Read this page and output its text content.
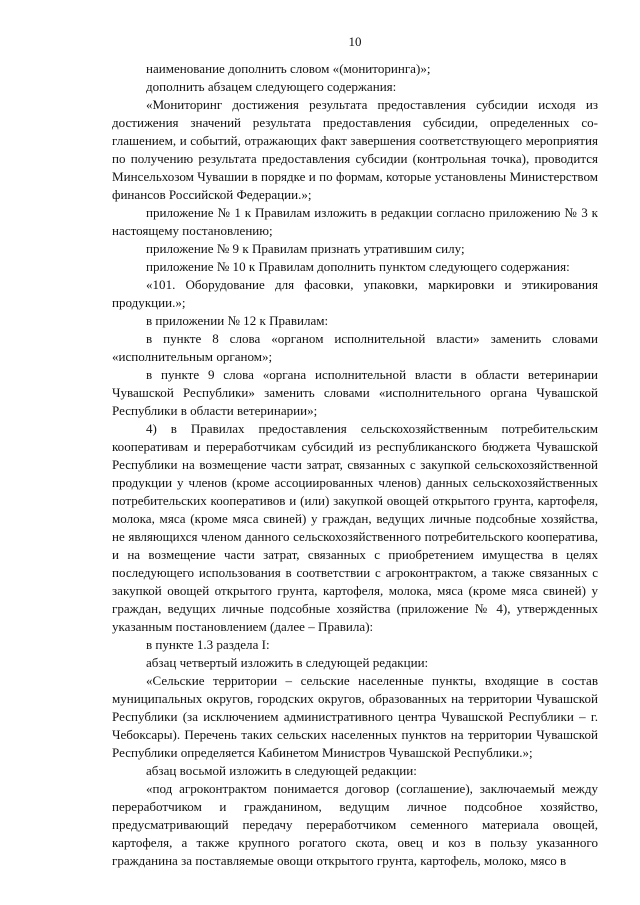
10

наименование дополнить словом «(мониторинга)»;

дополнить абзацем следующего содержания:

«Мониторинг достижения результата предоставления субсидии исходя из достижения значений результата предоставления субсидии, определенных со-глашением, и событий, отражающих факт завершения соответствующего мероприятия по получению результата предоставления субсидии (контрольная точка), проводится Минсельхозом Чувашии в порядке и по формам, которые установлены Министерством финансов Российской Федерации.»;

приложение № 1 к Правилам изложить в редакции согласно приложению № 3 к настоящему постановлению;

приложение № 9 к Правилам признать утратившим силу;

приложение № 10 к Правилам дополнить пунктом следующего содержания:

«101. Оборудование для фасовки, упаковки, маркировки и этикирования продукции.»;

в приложении № 12 к Правилам:

в пункте 8 слова «органом исполнительной власти» заменить словами «исполнительным органом»;

в пункте 9 слова «органа исполнительной власти в области ветеринарии Чувашской Республики» заменить словами «исполнительного органа Чувашской Республики в области ветеринарии»;

4) в Правилах предоставления сельскохозяйственным потребительским кооперативам и переработчикам субсидий из республиканского бюджета Чувашской Республики на возмещение части затрат, связанных с закупкой сельскохозяйственной продукции у членов (кроме ассоциированных членов) данных сельскохозяйственных потребительских кооперативов и (или) закупкой овощей открытого грунта, картофеля, молока, мяса (кроме мяса свиней) у граждан, ведущих личные подсобные хозяйства, не являющихся членом данного сельскохозяйственного потребительского кооператива, и на возмещение части затрат, связанных с приобретением имущества в целях последующего использования в соответствии с агроконтрактом, а также связанных с закупкой овощей открытого грунта, картофеля, молока, мяса (кроме мяса свиней) у граждан, ведущих личные подсобные хозяйства (приложение № 4), утвержденных указанным постановлением (далее – Правила):

в пункте 1.3 раздела I:

абзац четвертый изложить в следующей редакции:

«Сельские территории – сельские населенные пункты, входящие в состав муниципальных округов, городских округов, образованных на территории Чувашской Республики (за исключением административного центра Чувашской Республики – г. Чебоксары). Перечень таких сельских населенных пунктов на территории Чувашской Республики определяется Кабинетом Министров Чувашской Республики.»;

абзац восьмой изложить в следующей редакции:

«под агроконтрактом понимается договор (соглашение), заключаемый между переработчиком и гражданином, ведущим личное подсобное хозяйство, предусматривающий передачу переработчиком семенного материала овощей, картофеля, а также крупного рогатого скота, овец и коз в пользу указанного гражданина за поставляемые овощи открытого грунта, картофель, молоко, мясо в
